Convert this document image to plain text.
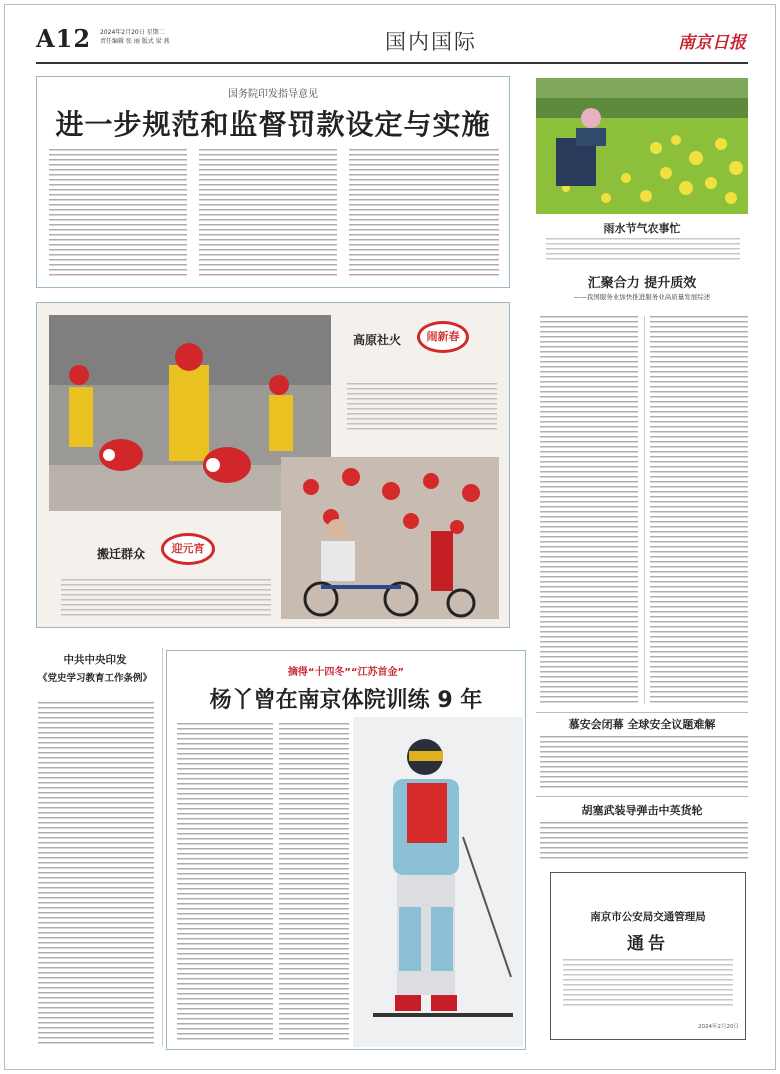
A12 2024年2月20日 星期二
责任编辑 张 丽 版式 梁 燕	国内国际	南京日报
国务院印发指导意见
进一步规范和监督罚款设定与实施
雨水节气农事忙
高原社火	闹新春
搬迁群众	迎元宵
汇聚合力 提升质效
——我国服务业加快推进服务业高质量发展综述
慕安会闭幕 全球安全议题难解
胡塞武装导弹击中英货轮
南京市公安局交通管理局
通告
2024年2月20日
中共中央印发
《党史学习教育工作条例》
摘得“十四冬”“江苏首金”
杨丫曾在南京体院训练 9 年
